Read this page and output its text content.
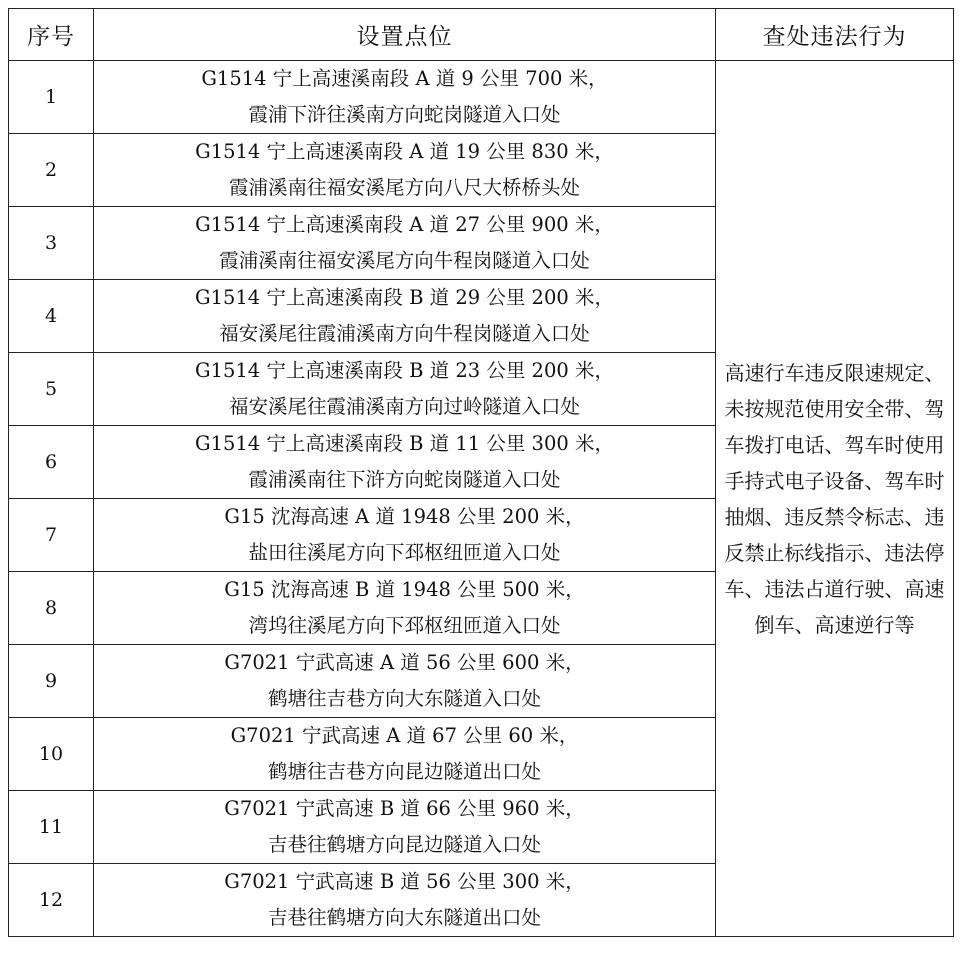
序号	设置点位	查处违法行为
1	G1514 宁上高速溪南段 A 道 9 公里 700 米，
霞浦下浒往溪南方向蛇岗隧道入口处	高速行车违反限速规定、未按规范使用安全带、驾车拨打电话、驾车时使用手持式电子设备、驾车时抽烟、违反禁令标志、违反禁止标线指示、违法停车、违法占道行驶、高速倒车、高速逆行等
2	G1514 宁上高速溪南段 A 道 19 公里 830 米，
霞浦溪南往福安溪尾方向八尺大桥桥头处	

3	G1514 宁上高速溪南段 A 道 27 公里 900 米，
霞浦溪南往福安溪尾方向牛程岗隧道入口处	

4	G1514 宁上高速溪南段 B 道 29 公里 200 米，
福安溪尾往霞浦溪南方向牛程岗隧道入口处	

5	G1514 宁上高速溪南段 B 道 23 公里 200 米，
福安溪尾往霞浦溪南方向过岭隧道入口处	

6	G1514 宁上高速溪南段 B 道 11 公里 300 米，
霞浦溪南往下浒方向蛇岗隧道入口处	

7	G15 沈海高速 A 道 1948 公里 200 米，
盐田往溪尾方向下邳枢纽匝道入口处	

8	G15 沈海高速 B 道 1948 公里 500 米，
湾坞往溪尾方向下邳枢纽匝道入口处	

9	G7021 宁武高速 A 道 56 公里 600 米，
鹤塘往吉巷方向大东隧道入口处	

10	G7021 宁武高速 A 道 67 公里 60 米，
鹤塘往吉巷方向昆边隧道出口处	

11	G7021 宁武高速 B 道 66 公里 960 米，
吉巷往鹤塘方向昆边隧道入口处	

12	G7021 宁武高速 B 道 56 公里 300 米，
吉巷往鹤塘方向大东隧道出口处	
